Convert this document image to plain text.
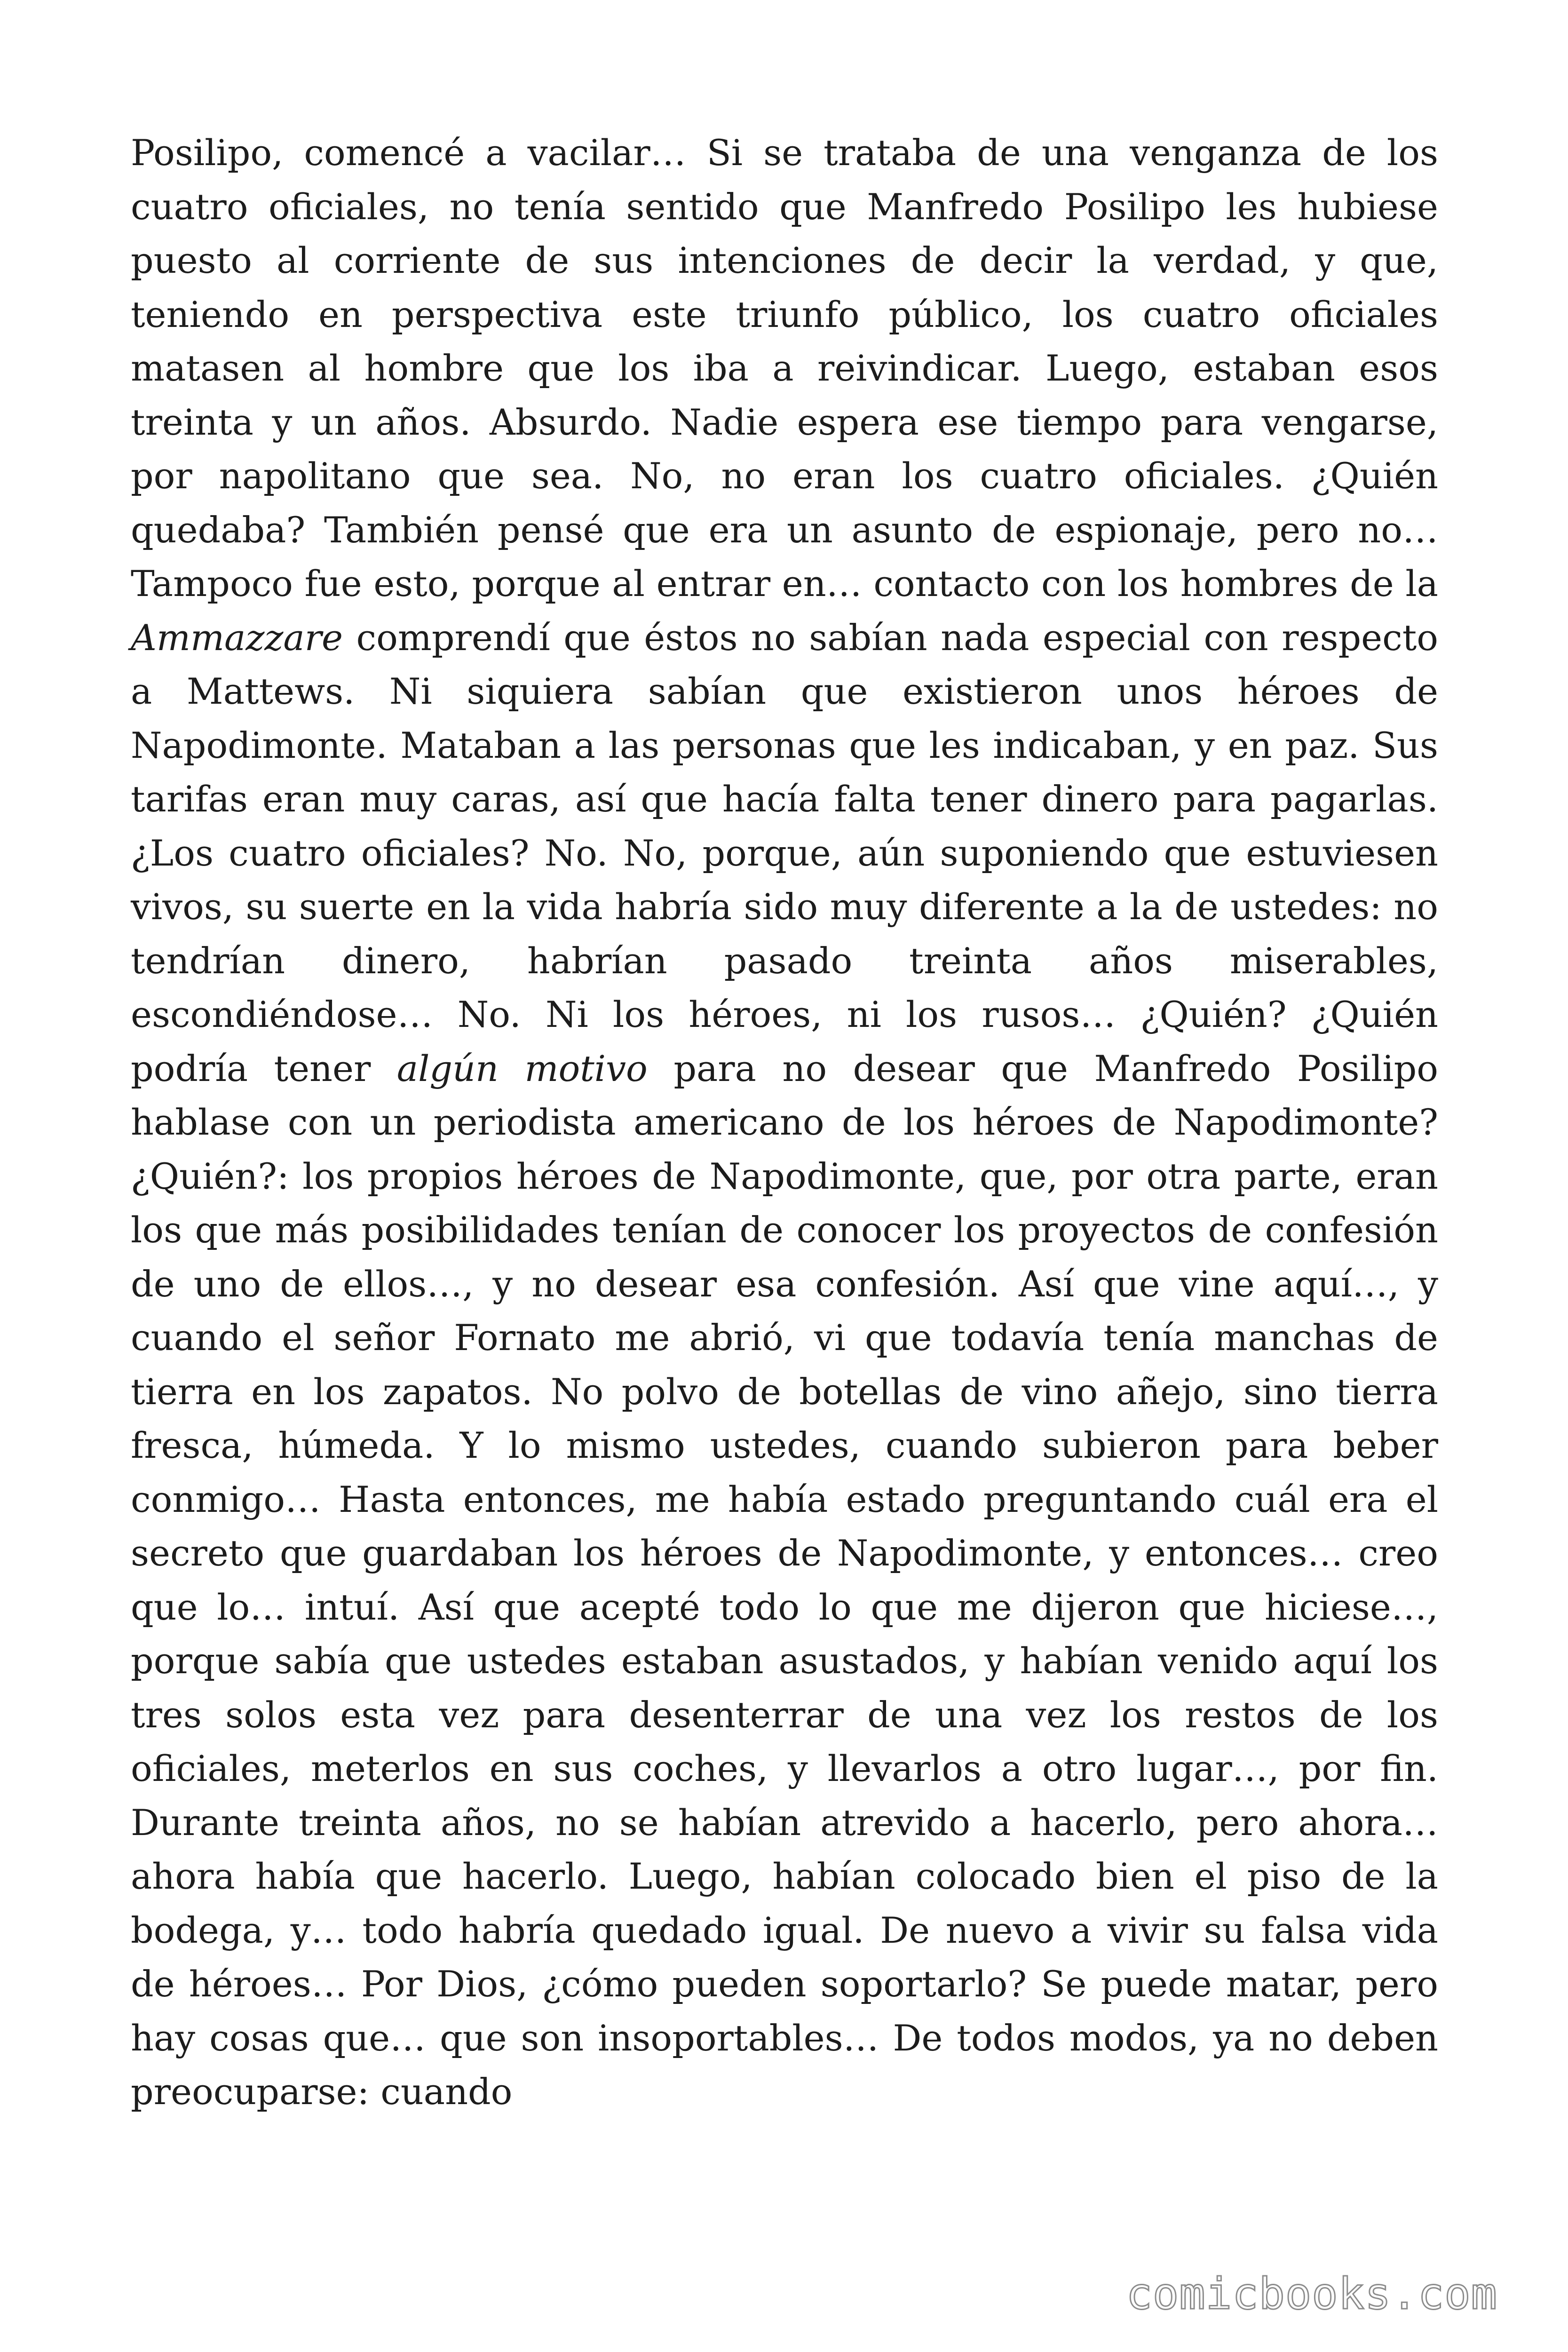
Posilipo, comencé a vacilar… Si se trataba de una venganza de los cuatro oficiales, no tenía sentido que Manfredo Posilipo les hubiese puesto al corriente de sus intenciones de decir la verdad, y que, teniendo en perspectiva este triunfo público, los cuatro oficiales matasen al hombre que los iba a reivindicar. Luego, estaban esos treinta y un años. Absurdo. Nadie espera ese tiempo para vengarse, por napolitano que sea. No, no eran los cuatro oficiales. ¿Quién quedaba? También pensé que era un asunto de espionaje, pero no… Tampoco fue esto, porque al entrar en… contacto con los hombres de la Ammazzare comprendí que éstos no sabían nada especial con respecto a Mattews. Ni siquiera sabían que existieron unos héroes de Napodimonte. Mataban a las personas que les indicaban, y en paz. Sus tarifas eran muy caras, así que hacía falta tener dinero para pagarlas. ¿Los cuatro oficiales? No. No, porque, aún suponiendo que estuviesen vivos, su suerte en la vida habría sido muy diferente a la de ustedes: no tendrían dinero, habrían pasado treinta años miserables, escondiéndose… No. Ni los héroes, ni los rusos… ¿Quién? ¿Quién podría tener algún motivo para no desear que Manfredo Posilipo hablase con un periodista americano de los héroes de Napodimonte? ¿Quién?: los propios héroes de Napodimonte, que, por otra parte, eran los que más posibilidades tenían de conocer los proyectos de confesión de uno de ellos…, y no desear esa confesión. Así que vine aquí…, y cuando el señor Fornato me abrió, vi que todavía tenía manchas de tierra en los zapatos. No polvo de botellas de vino añejo, sino tierra fresca, húmeda. Y lo mismo ustedes, cuando subieron para beber conmigo… Hasta entonces, me había estado preguntando cuál era el secreto que guardaban los héroes de Napodimonte, y entonces… creo que lo… intuí. Así que acepté todo lo que me dijeron que hiciese…, porque sabía que ustedes estaban asustados, y habían venido aquí los tres solos esta vez para desenterrar de una vez los restos de los oficiales, meterlos en sus coches, y llevarlos a otro lugar…, por fin. Durante treinta años, no se habían atrevido a hacerlo, pero ahora… ahora había que hacerlo. Luego, habían colocado bien el piso de la bodega, y… todo habría quedado igual. De nuevo a vivir su falsa vida de héroes… Por Dios, ¿cómo pueden soportarlo? Se puede matar, pero hay cosas que… que son insoportables… De todos modos, ya no deben preocuparse: cuando

comicbooks.com
